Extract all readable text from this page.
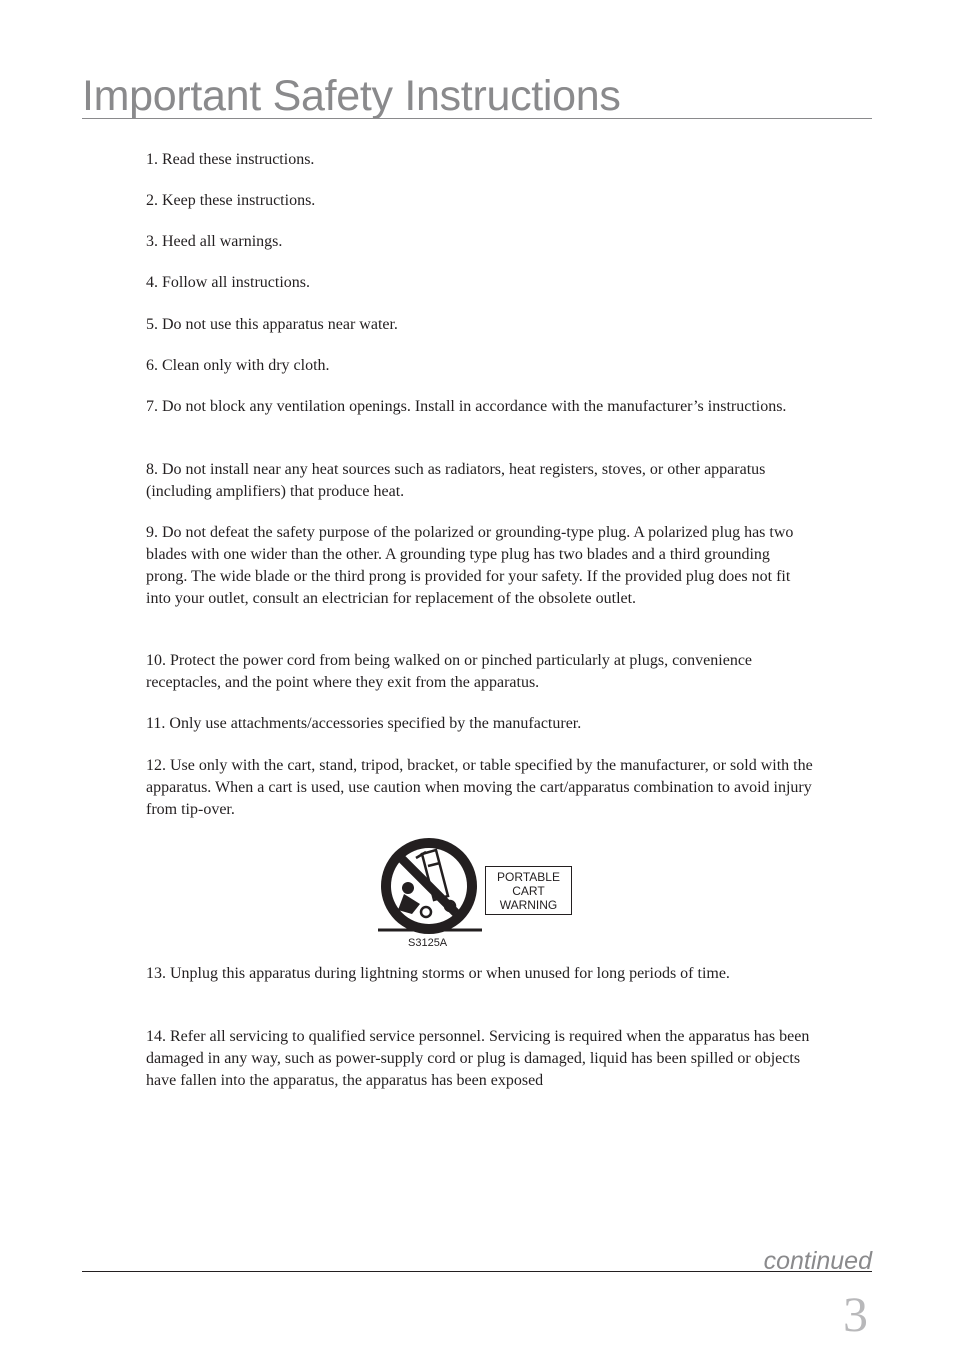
Important Safety Instructions
1. Read these instructions.
2. Keep these instructions.
3. Heed all warnings.
4. Follow all instructions.
5. Do not use this apparatus near water.
6. Clean only with dry cloth.
7. Do not block any ventilation openings. Install in accordance with the manufacturer’s instructions.
8. Do not install near any heat sources such as radiators, heat registers, stoves, or other apparatus (including amplifiers) that produce heat.
9. Do not defeat the safety purpose of the polarized or grounding-type plug. A polarized plug has two blades with one wider than the other. A grounding type plug has two blades and a third grounding prong. The wide blade or the third prong is provided for your safety. If the provided plug does not fit into your outlet, consult an electrician for replacement of the obsolete outlet.
10. Protect the power cord from being walked on or pinched particularly at plugs, convenience receptacles, and the point where they exit from the apparatus.
11. Only use attachments/accessories specified by the manufacturer.
12. Use only with the cart, stand, tripod, bracket, or table specified by the manufacturer, or sold with the apparatus. When a cart is used, use caution when moving the cart/apparatus combination to avoid injury from tip-over.
PORTABLE
CART
WARNING
S3125A
13. Unplug this apparatus during lightning storms or when unused for long periods of time.
14. Refer all servicing to qualified service personnel. Servicing is required when the apparatus has been damaged in any way, such as power-supply cord or plug is damaged, liquid has been spilled or objects have fallen into the apparatus, the apparatus has been exposed
continued
3
